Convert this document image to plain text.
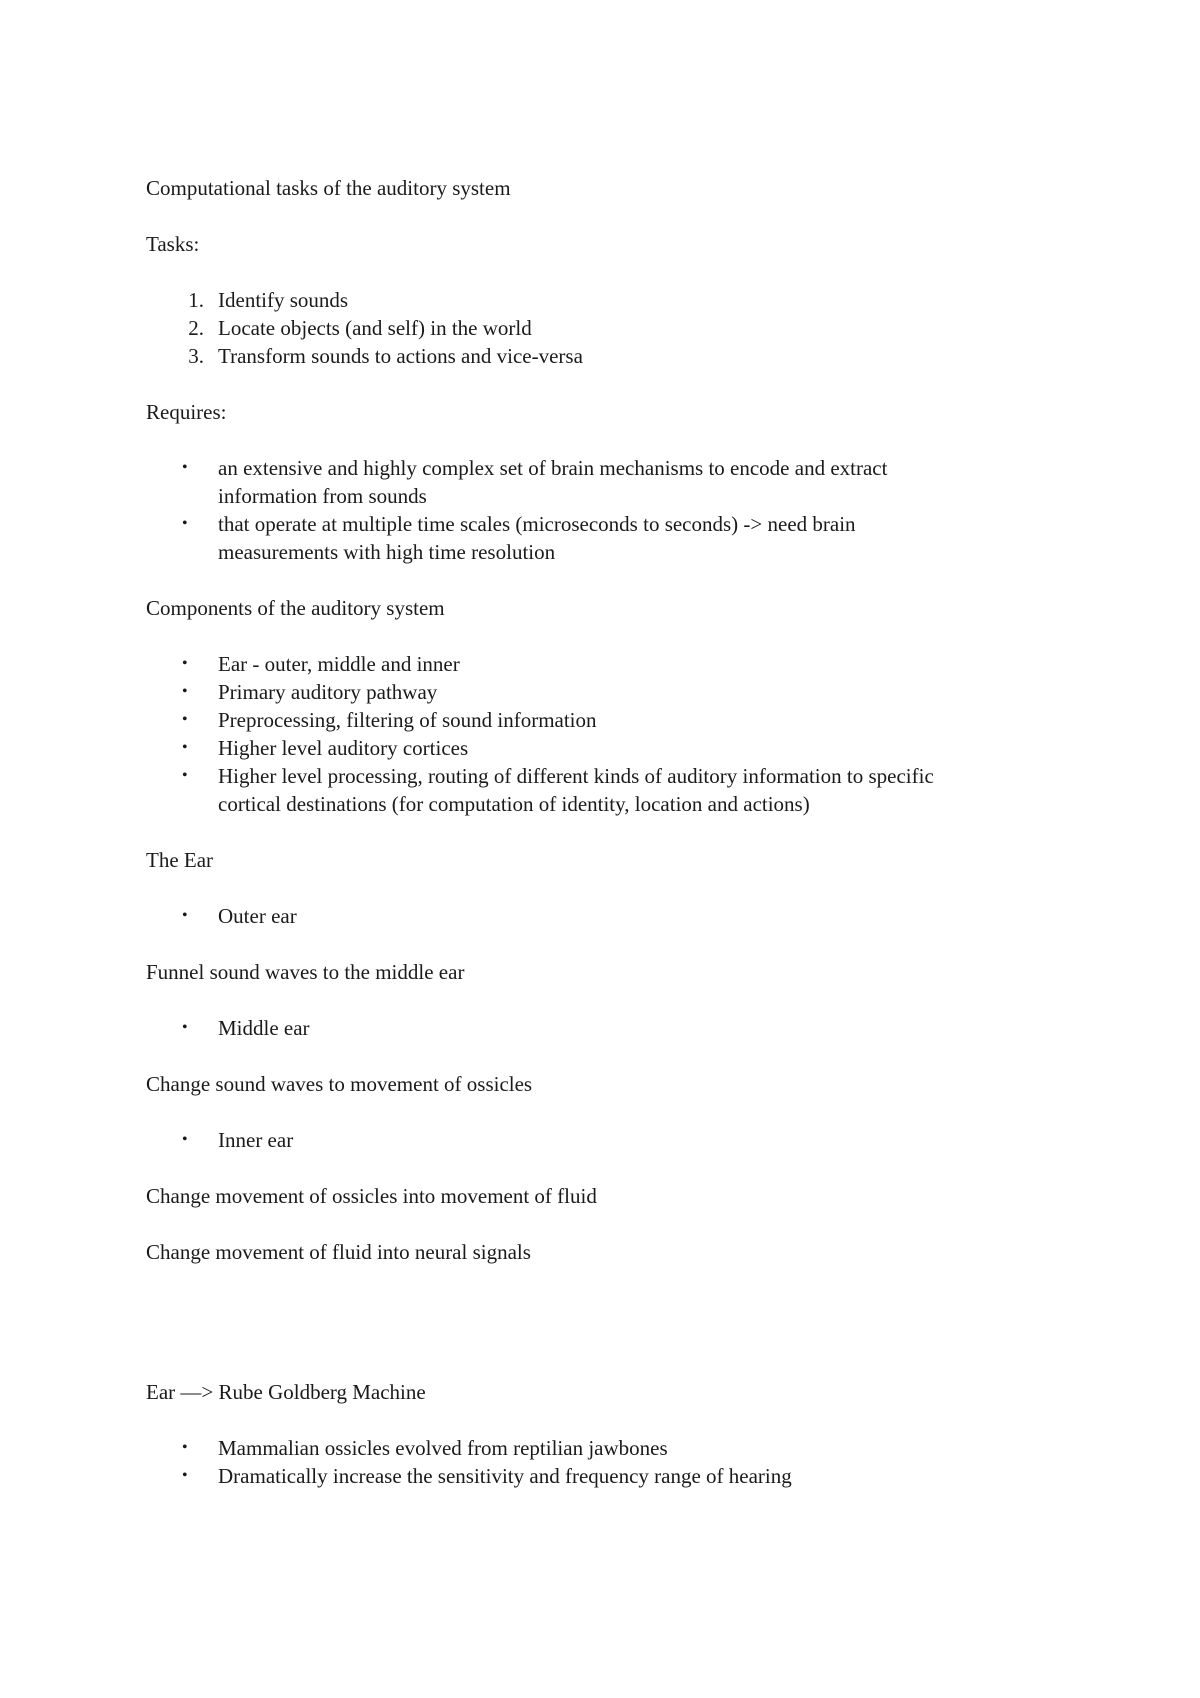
Computational tasks of the auditory system

Tasks:

1. Identify sounds
2. Locate objects (and self) in the world
3. Transform sounds to actions and vice-versa

Requires:

• an extensive and highly complex set of brain mechanisms to encode and extract
information from sounds
• that operate at multiple time scales (microseconds to seconds) -> need brain
measurements with high time resolution

Components of the auditory system

• Ear - outer, middle and inner
• Primary auditory pathway
• Preprocessing, filtering of sound information
• Higher level auditory cortices
• Higher level processing, routing of different kinds of auditory information to specific
cortical destinations (for computation of identity, location and actions)

The Ear

• Outer ear

Funnel sound waves to the middle ear

• Middle ear

Change sound waves to movement of ossicles

• Inner ear

Change movement of ossicles into movement of fluid

Change movement of fluid into neural signals

Ear —> Rube Goldberg Machine

• Mammalian ossicles evolved from reptilian jawbones
• Dramatically increase the sensitivity and frequency range of hearing
